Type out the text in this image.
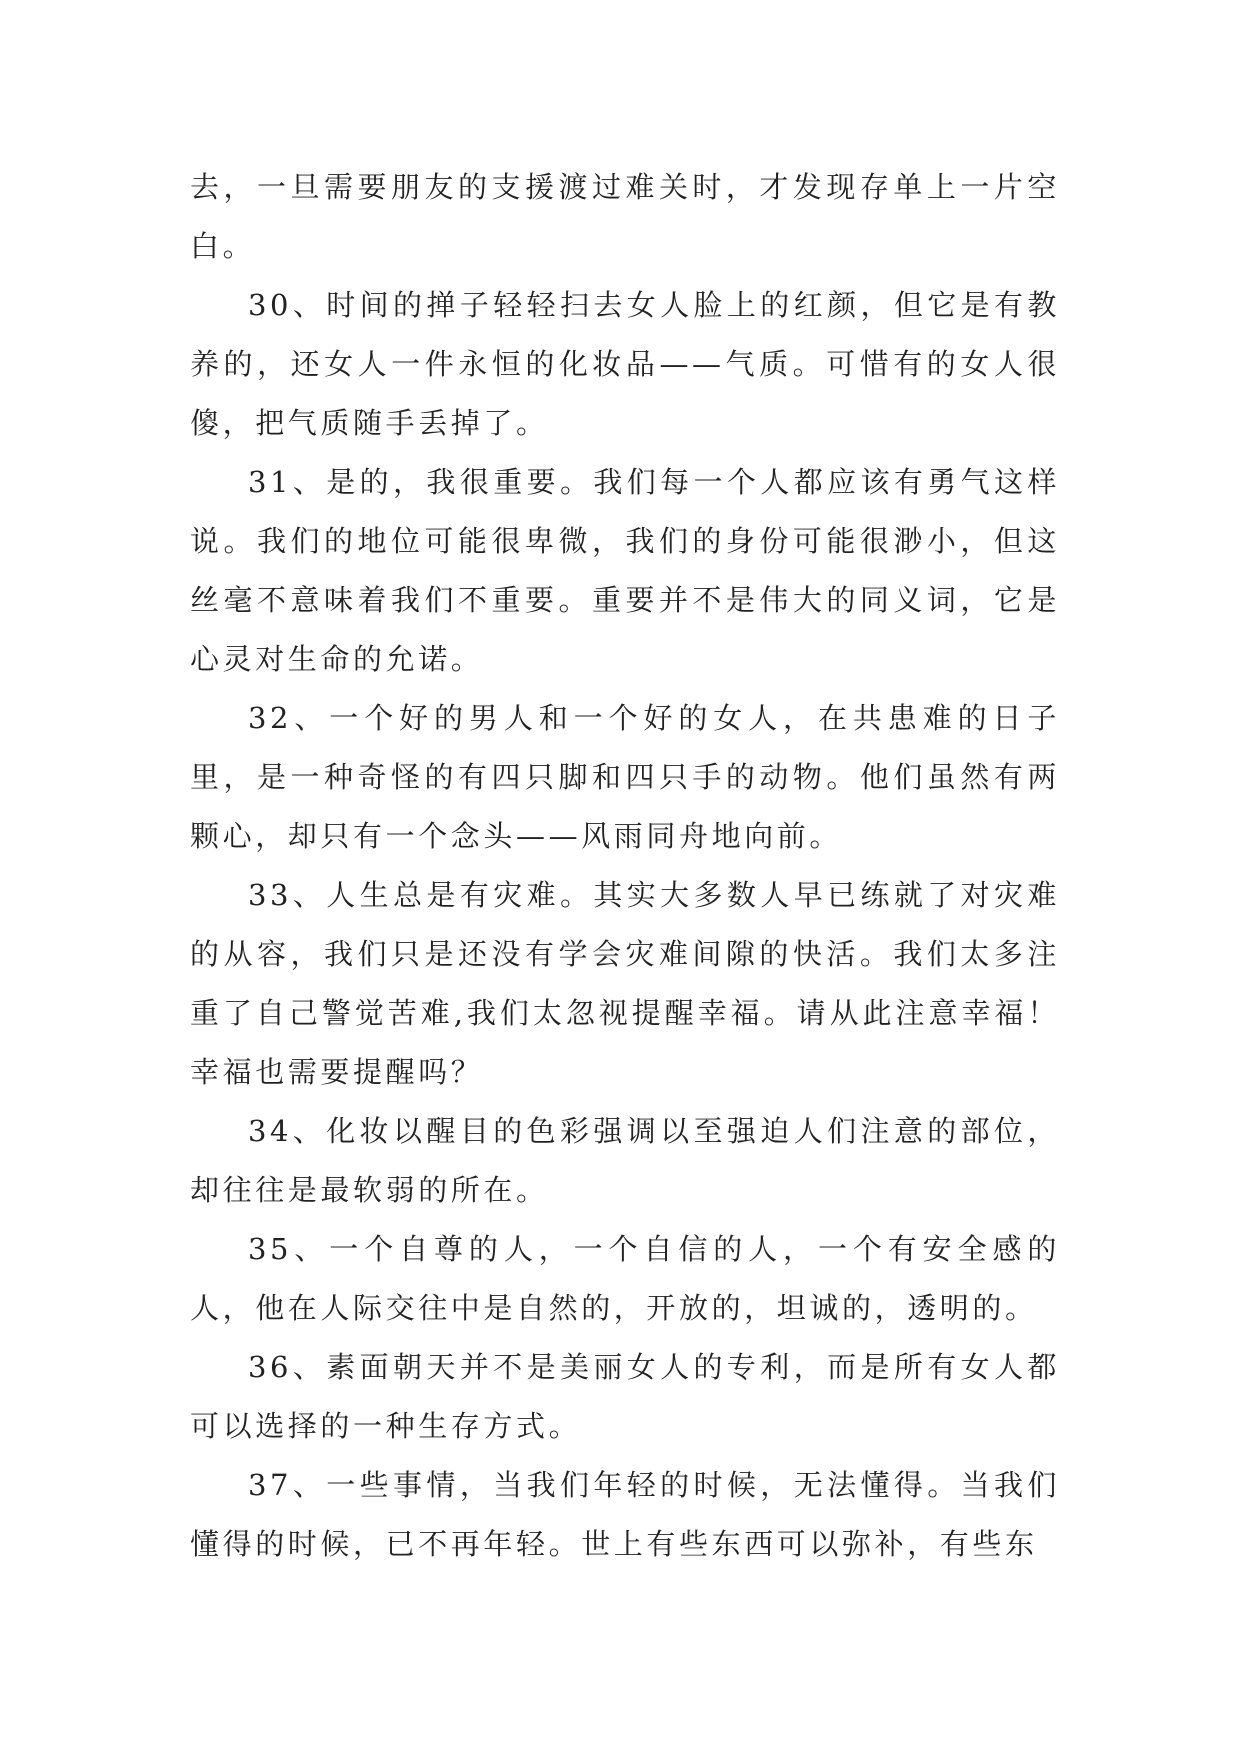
去，一旦需要朋友的支援渡过难关时，才发现存单上一片空白。

30、时间的掸子轻轻扫去女人脸上的红颜，但它是有教养的，还女人一件永恒的化妆品——气质。可惜有的女人很傻，把气质随手丢掉了。

31、是的，我很重要。我们每一个人都应该有勇气这样说。我们的地位可能很卑微，我们的身份可能很渺小，但这丝毫不意味着我们不重要。重要并不是伟大的同义词，它是心灵对生命的允诺。

32、一个好的男人和一个好的女人，在共患难的日子里，是一种奇怪的有四只脚和四只手的动物。他们虽然有两颗心，却只有一个念头——风雨同舟地向前。

33、人生总是有灾难。其实大多数人早已练就了对灾难的从容，我们只是还没有学会灾难间隙的快活。我们太多注重了自己警觉苦难,我们太忽视提醒幸福。请从此注意幸福！幸福也需要提醒吗？

34、化妆以醒目的色彩强调以至强迫人们注意的部位，却往往是最软弱的所在。

35、一个自尊的人，一个自信的人，一个有安全感的人，他在人际交往中是自然的，开放的，坦诚的，透明的。

36、素面朝天并不是美丽女人的专利，而是所有女人都可以选择的一种生存方式。

37、一些事情，当我们年轻的时候，无法懂得。当我们懂得的时候，已不再年轻。世上有些东西可以弥补，有些东
